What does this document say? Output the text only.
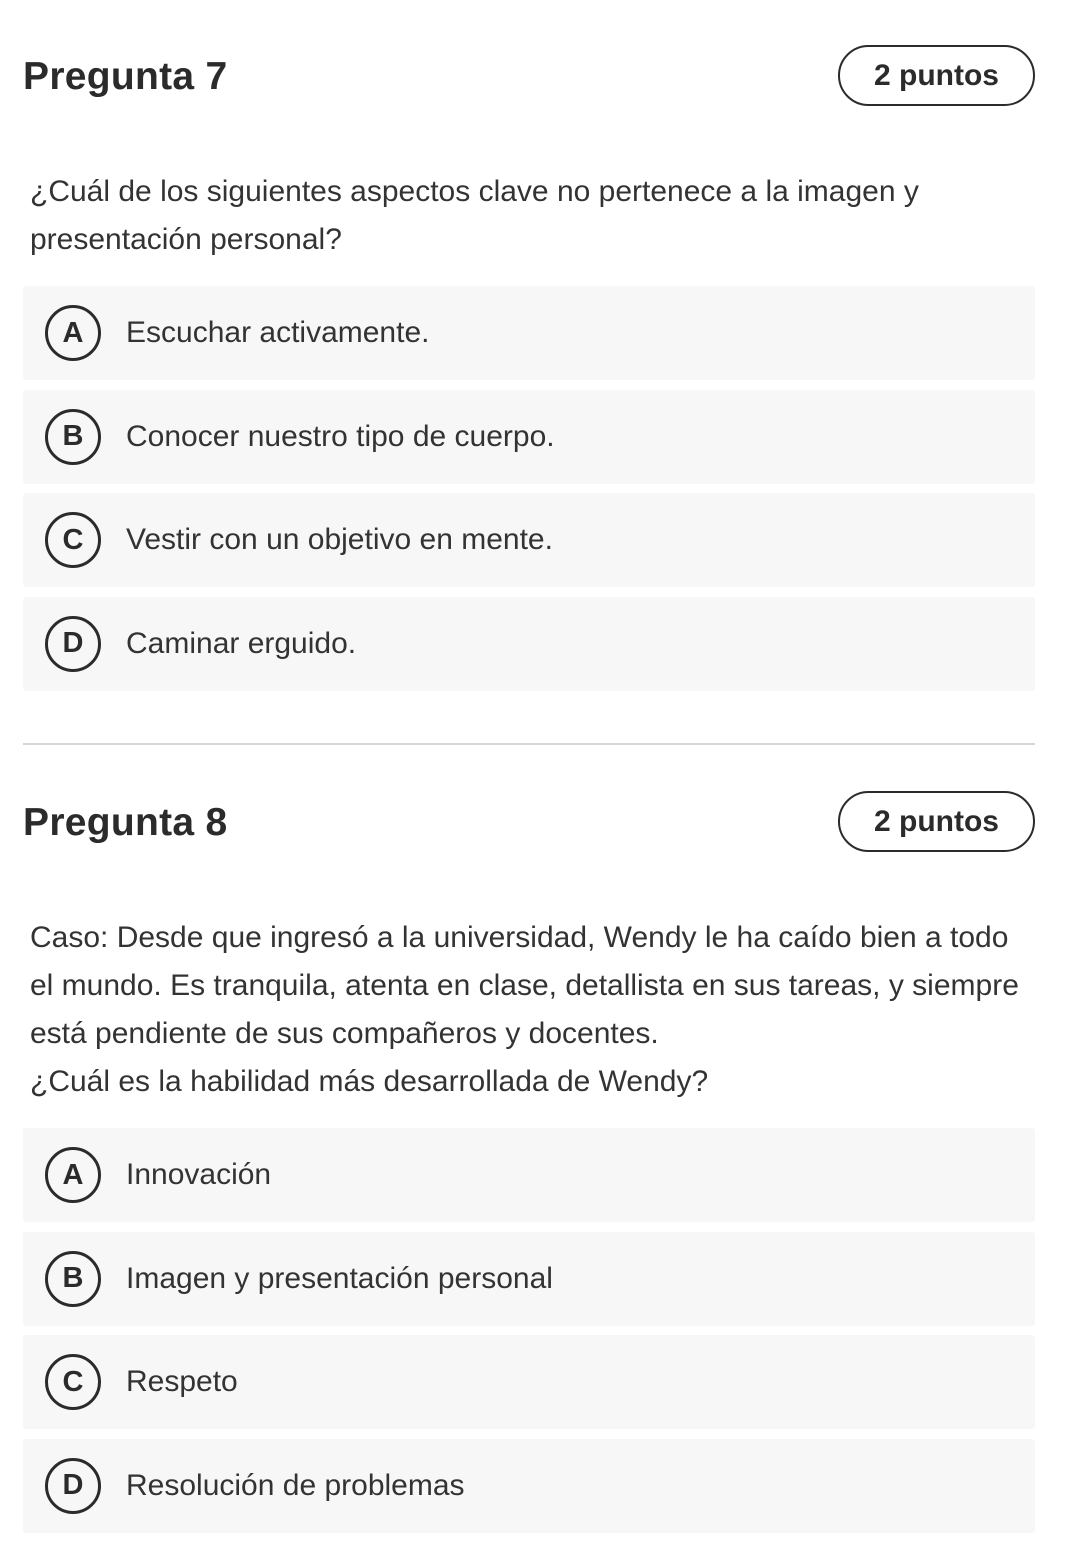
Pregunta 7	2 puntos

¿Cuál de los siguientes aspectos clave no pertenece a la imagen y presentación personal?

A	Escuchar activamente.
B	Conocer nuestro tipo de cuerpo.
C	Vestir con un objetivo en mente.
D	Caminar erguido.
Pregunta 8	2 puntos

Caso: Desde que ingresó a la universidad, Wendy le ha caído bien a todo el mundo. Es tranquila, atenta en clase, detallista en sus tareas, y siempre está pendiente de sus compañeros y docentes.

¿Cuál es la habilidad más desarrollada de Wendy?

A	Innovación
B	Imagen y presentación personal
C	Respeto
D	Resolución de problemas
